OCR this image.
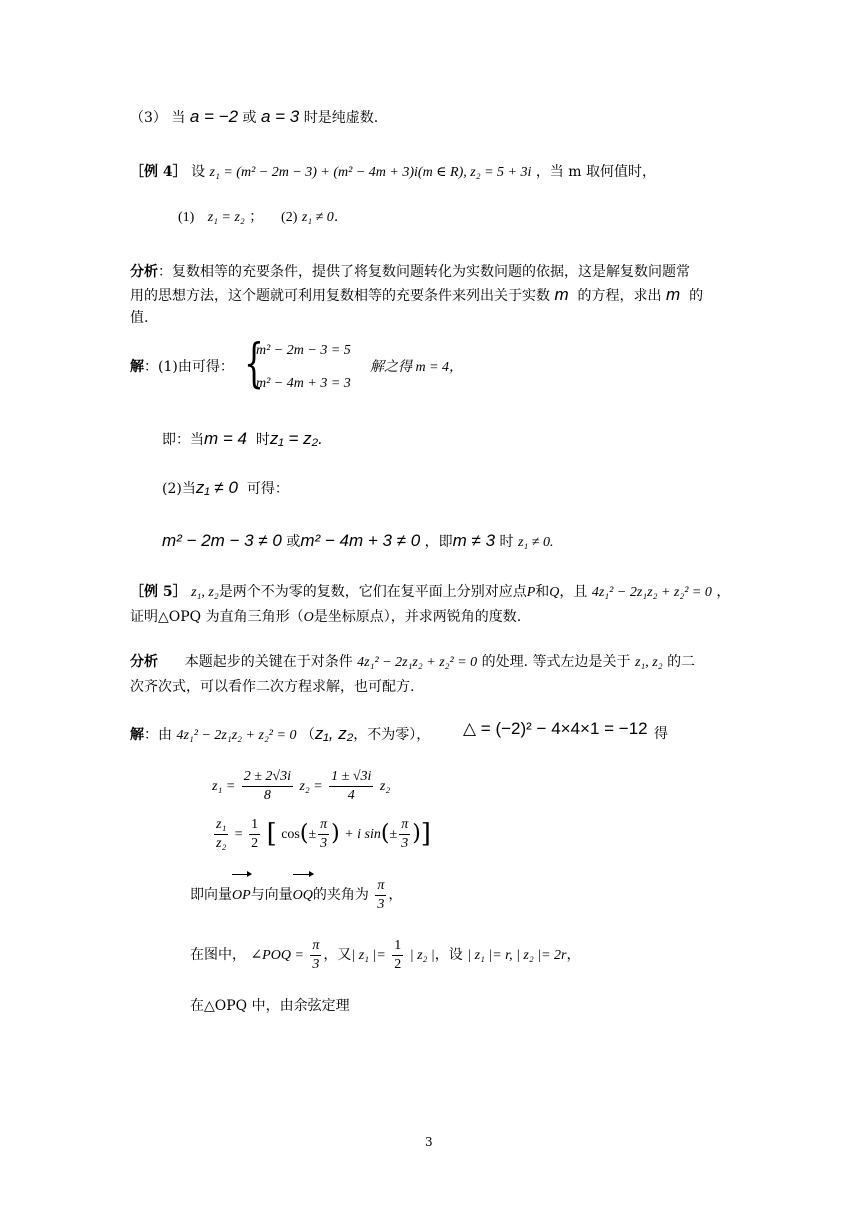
（3） 当 a = −2 或 a = 3 时是纯虚数.
［例 4］ 设 z₁ = (m² − 2m − 3) + (m² − 4m + 3)i(m ∈ R), z₂ = 5 + 3i ，当 m 取何值时，
(1) z₁ = z₂ ； (2) z₁ ≠ 0.
分析：复数相等的充要条件，提供了将复数问题转化为实数问题的依据，这是解复数问题常
用的思想方法，这个题就可利用复数相等的充要条件来列出关于实数 m 的方程，求出 m 的
值.
解：(1)由可得： {
m² − 2m − 3 = 5
m² − 4m + 3 = 3
解之得 m = 4，
即：当m = 4 时z₁ = z₂.
(2)当z₁ ≠ 0 可得：
m² − 2m − 3 ≠ 0 或m² − 4m + 3 ≠ 0 ，即m ≠ 3 时 z₁ ≠ 0.
［例 5］ z₁, z₂是两个不为零的复数，它们在复平面上分别对应点P和Q，且 4z₁² − 2z₁z₂ + z₂² = 0 ，
证明△OPQ 为直角三角形（O是坐标原点），并求两锐角的度数.
分析 本题起步的关键在于对条件 4z₁² − 2z₁z₂ + z₂² = 0 的处理. 等式左边是关于 z₁, z₂ 的二
次齐次式，可以看作二次方程求解，也可配方.
解：由 4z₁² − 2z₁z₂ + z₂² = 0 （z₁, z₂，不为零）， △ = (−2)² − 4×4×1 = −12 得
$z_1 = \frac{2 \pm 2√3i}{8} z_2 = \frac{1 \pm √3i}{4} z_2$
$\frac{\text{z₁}}{\text{z₂}} = \frac{1}{2}$ [ $\cos(\pm \frac{\pi}{3}$ ) + i $\sin(\pm \frac{\pi}{3}$ )]
即向量OP与向量OQ的夹角为 $\frac{\pi}{3}$ ，
在图中， ∠POQ = $\frac{\pi}{3}$ ，又| z₁ |= $\frac{1}{2}$ | z₂ |，设 | z₁ |= r, | z₂ |= 2r，
在△OPQ 中，由余弦定理
3
